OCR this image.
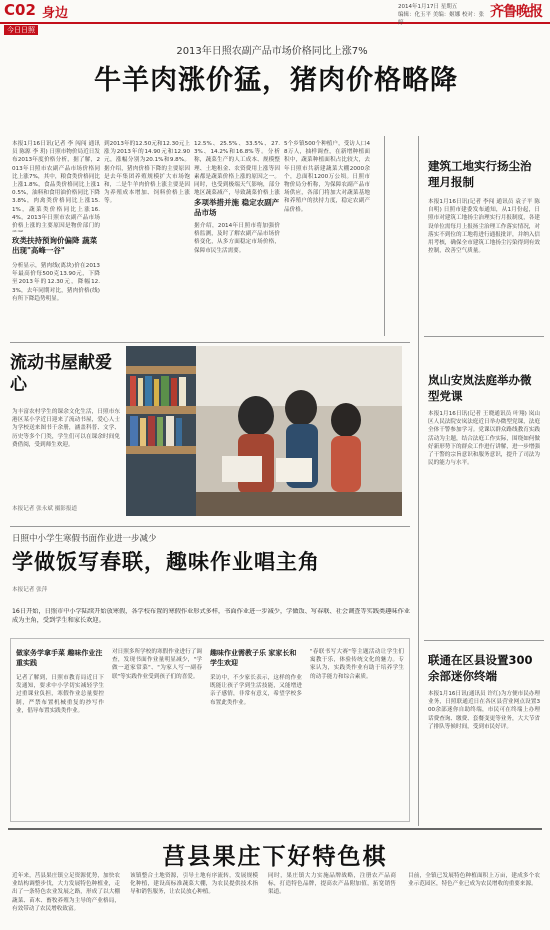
C02 身边
今日日照
2014年1月17日 星期五
编辑：化玉平 美编：姬娜 校对：张婷
齐鲁晚报
2013年日照农副产品市场价格同比上涨7%
牛羊肉涨价猛，猪肉价格略降
本报1月16日讯(记者 李 闯闯 通讯员 陈源 李 玥) 日照市物价局近日发布2013年度价格分析，据了解，2013年日照市农副产品市场价格同比上涨7%，其中，粮食类价格同比上涨1.8%，食品类价格同比上涨10.5%，油料和食用油价格同比下降3.8%，肉禽类价格同比上涨15.1%，蔬菜类价格同比上涨16.4%，2013年日照市农副产品市场价格上涨的主要原因是物价部门的
玫类扶持预询价偏降 蔬菜出现"高峰一谷"
分析显示，猪肉线(离块)价在2013年最高价每500克13.90元，下降至2013年的12.30元，降幅12.3%，去年同期对比，猪肉价格(线)有所下降趋势明显。
到2013年的12.50元和12.30元上涨为2013年的14.90元和12.90元，涨幅分别为20.1%和9.8%。据介绍，猪肉价格下降的主要原因是去年集团养殖规模扩大市场饱和，二是牛羊肉价格上涨主要是因为养殖成本增加、饲料价格上涨等。
12.5%、25.5%、33.5%、27.3%、14.2%和16.8%等。分析称，蔬菜生产的人工成本、规模整理、土地租金、农资费用上涨等因素都是蔬菜价格上涨的原因之一。同时，也受到极端天气影响，部分地区蔬菜减产，导致蔬菜价格上涨
多项举措并施 稳定农副产品市场
据介绍，2014年日照市将加强价格监测，及时了解农副产品市场价格变化，从多方面稳定市场价格，保障市民生活需要。
5个乡镇500个种植户，受访人口48万人，抽样调查，在新增种植面积中，蔬菜种植面积占比较大，去年日照市共新建蔬菜大棚2000余个，总面积1200万公顷。日照市物价局分析称，为保障农副产品市场供应，各部门将加大对蔬菜基地和养殖户的扶持力度，稳定农副产品价格。
建筑工地实行扬尘治理月报制
本报1月16日讯(记者 李闯 通讯员 袁子平 陈自明) 日照市建委发布通知，从1月份起，日照市对建筑工地扬尘治理实行月报制度，各建设单位需每月上报扬尘治理工作落实情况，对落实不到位的工地将进行通报批评，并纳入信用考核，确保全市建筑工地扬尘污染得到有效控制，改善空气质量。
岚山安岚法庭举办微型党课
本报1月16日讯(记者 王晓通讯员 叶翔) 岚山区人民法院安岚法庭近日举办微型党课，法庭全体干警参加学习。党课以群众路线教育实践活动为主题，结合法庭工作实际，围绕如何做好新形势下的群众工作进行讲解，进一步增强了干警的宗旨意识和服务意识，提升了司法为民的能力与水平。
联通在区县设置300余部迷你终端
本报1月16日讯(通讯员 许红)为方便市民办理业务，日照联通近日在各区县营业网点设置300余部迷你自助终端，市民可在终端上办理话费查询、缴费、套餐变更等业务，大大节省了排队等候时间，受到市民好评。
流动书屋献爱心
为丰富农村学生的课余文化生活，日照市东港区某小学近日迎来了流动书屋，爱心人士为学校送来图书千余册，涵盖科普、文学、历史等多个门类，学生们可以在课余时间免费借阅，受到师生欢迎。
本报记者 张永斌 摄影报道
日照中小学生寒假书面作业进一步减少
学做饭写春联，趣味作业唱主角
本报记者 张萍
16日开始，日照市中小学陆续开始放寒假，各学校布置的寒假作业形式多样，书面作业进一步减少，学做饭、写春联、社会调查等实践类趣味作业成为主角，受到学生和家长欢迎。
做家务学拿手菜 趣味作业注重实践
记者了解到，日照市教育局近日下发通知，要求中小学切实减轻学生过重课业负担，寒假作业总量要控制，严禁布置机械重复的抄写作业，倡导布置实践类作业。
对日照多所学校的寒假作业进行了调查，发现书面作业量明显减少，"学做一道家常菜"、"为家人写一副春联"等实践作业受到孩子们的喜爱。
趣味作业需教子乐 家家长和学生欢迎
采访中，不少家长表示，这样的作业既能让孩子学到生活技能，又能增进亲子感情，非常有意义，希望学校多布置此类作业。
"春联书写大赛"等主题活动让学生们寓教于乐，体验传统文化的魅力。专家认为，实践类作业有助于培养学生的动手能力和综合素质。
莒县果庄下好特色棋
近年来，莒县果庄镇立足资源优势，加快农业结构调整步伐，大力发展特色种植业，走出了一条特色农业发展之路，形成了以大棚蔬菜、苗木、畜牧养殖为主导的产业格局，有效带动了农民增收致富。
该镇整合土地资源，引导土地有序流转，发展规模化种植，建设高标准蔬菜大棚，为农民提供技术指导和销售服务，让农民放心种植。
同时，果庄镇大力实施品牌战略，注册农产品商标，打造特色品牌，提高农产品附加值，拓宽销售渠道。
目前，全镇已发展特色种植面积上万亩，建成多个农业示范园区，特色产业已成为农民增收的重要来源。
